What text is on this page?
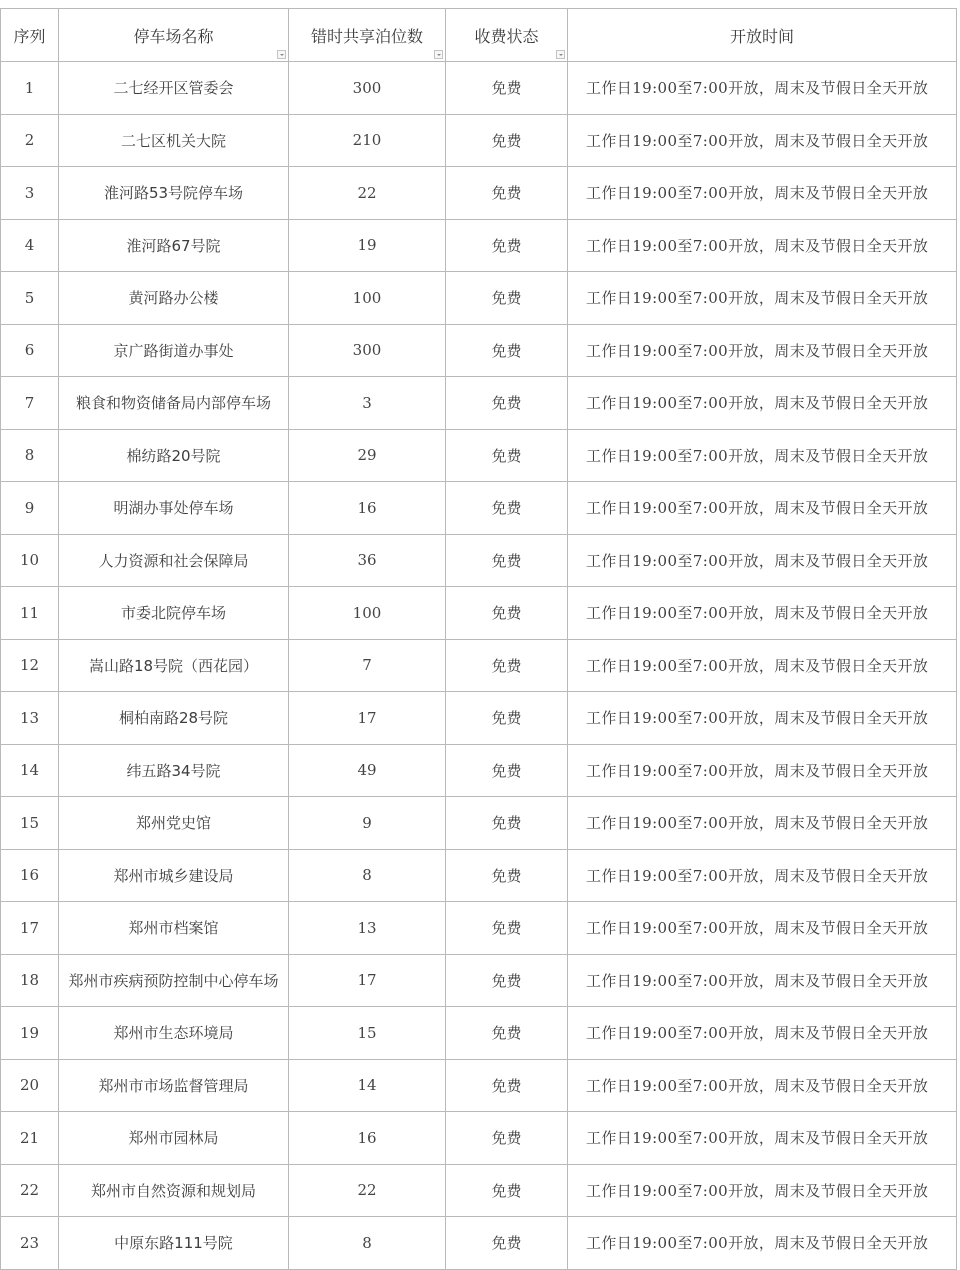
序列	停车场名称	错时共享泊位数	收费状态	开放时间
1	二七经开区管委会	300	免费	工作日19:00至7:00开放，周末及节假日全天开放
2	二七区机关大院	210	免费	工作日19:00至7:00开放，周末及节假日全天开放
3	淮河路53号院停车场	22	免费	工作日19:00至7:00开放，周末及节假日全天开放
4	淮河路67号院	19	免费	工作日19:00至7:00开放，周末及节假日全天开放
5	黄河路办公楼	100	免费	工作日19:00至7:00开放，周末及节假日全天开放
6	京广路街道办事处	300	免费	工作日19:00至7:00开放，周末及节假日全天开放
7	粮食和物资储备局内部停车场	3	免费	工作日19:00至7:00开放，周末及节假日全天开放
8	棉纺路20号院	29	免费	工作日19:00至7:00开放，周末及节假日全天开放
9	明湖办事处停车场	16	免费	工作日19:00至7:00开放，周末及节假日全天开放
10	人力资源和社会保障局	36	免费	工作日19:00至7:00开放，周末及节假日全天开放
11	市委北院停车场	100	免费	工作日19:00至7:00开放，周末及节假日全天开放
12	嵩山路18号院（西花园）	7	免费	工作日19:00至7:00开放，周末及节假日全天开放
13	桐柏南路28号院	17	免费	工作日19:00至7:00开放，周末及节假日全天开放
14	纬五路34号院	49	免费	工作日19:00至7:00开放，周末及节假日全天开放
15	郑州党史馆	9	免费	工作日19:00至7:00开放，周末及节假日全天开放
16	郑州市城乡建设局	8	免费	工作日19:00至7:00开放，周末及节假日全天开放
17	郑州市档案馆	13	免费	工作日19:00至7:00开放，周末及节假日全天开放
18	郑州市疾病预防控制中心停车场	17	免费	工作日19:00至7:00开放，周末及节假日全天开放
19	郑州市生态环境局	15	免费	工作日19:00至7:00开放，周末及节假日全天开放
20	郑州市市场监督管理局	14	免费	工作日19:00至7:00开放，周末及节假日全天开放
21	郑州市园林局	16	免费	工作日19:00至7:00开放，周末及节假日全天开放
22	郑州市自然资源和规划局	22	免费	工作日19:00至7:00开放，周末及节假日全天开放
23	中原东路111号院	8	免费	工作日19:00至7:00开放，周末及节假日全天开放
